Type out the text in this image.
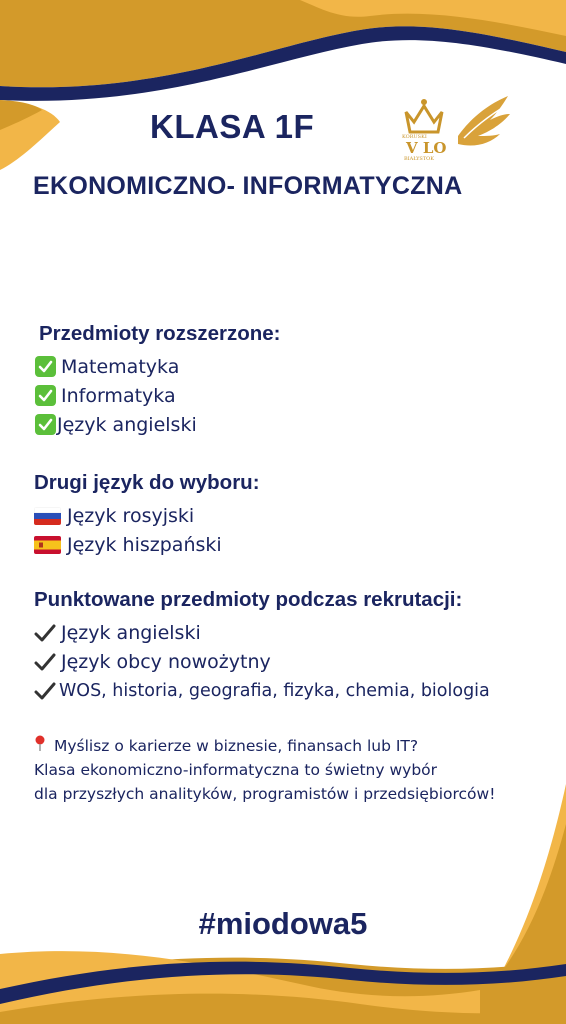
KLASA 1F	KORUSKI
V LO
BIAŁYSTOK
EKONOMICZNO- INFORMATYCZNA
Przedmioty rozszerzone:
Matematyka
Informatyka
Język angielski
Drugi język do wyboru:
Język rosyjski
Język hiszpański
Punktowane przedmioty podczas rekrutacji:
Język angielski
Język obcy nowożytny
WOS, historia, geografia, fizyka, chemia, biologia
Myślisz o karierze w biznesie, finansach lub IT?
Klasa ekonomiczno-informatyczna to świetny wybór
dla przyszłych analityków, programistów i przedsiębiorców!
#miodowa5
